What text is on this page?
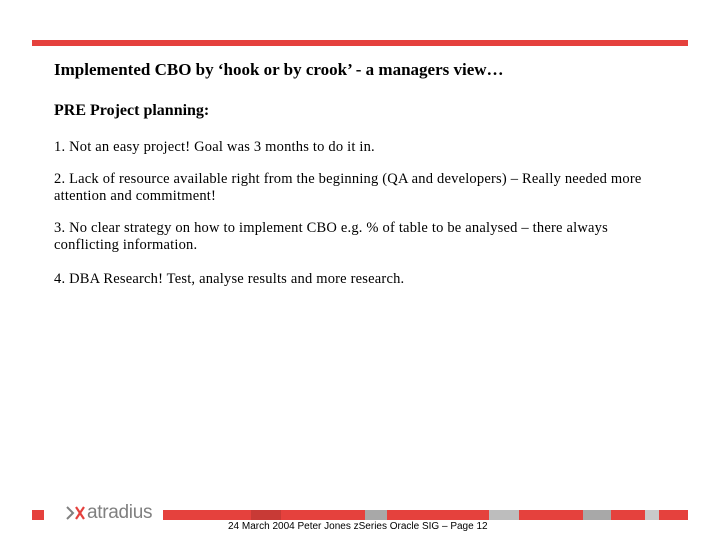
Implemented CBO by ‘hook or by crook’ - a managers view…
PRE Project planning:
1. Not an easy project! Goal was 3 months to do it in.
2. Lack of resource available right from the beginning (QA and developers) – Really needed more attention and commitment!
3. No clear strategy on how to implement CBO e.g. % of table to be analysed – there always conflicting information.
4. DBA Research! Test, analyse results and more research.
atradius
24 March 2004 Peter Jones zSeries Oracle SIG – Page 12
